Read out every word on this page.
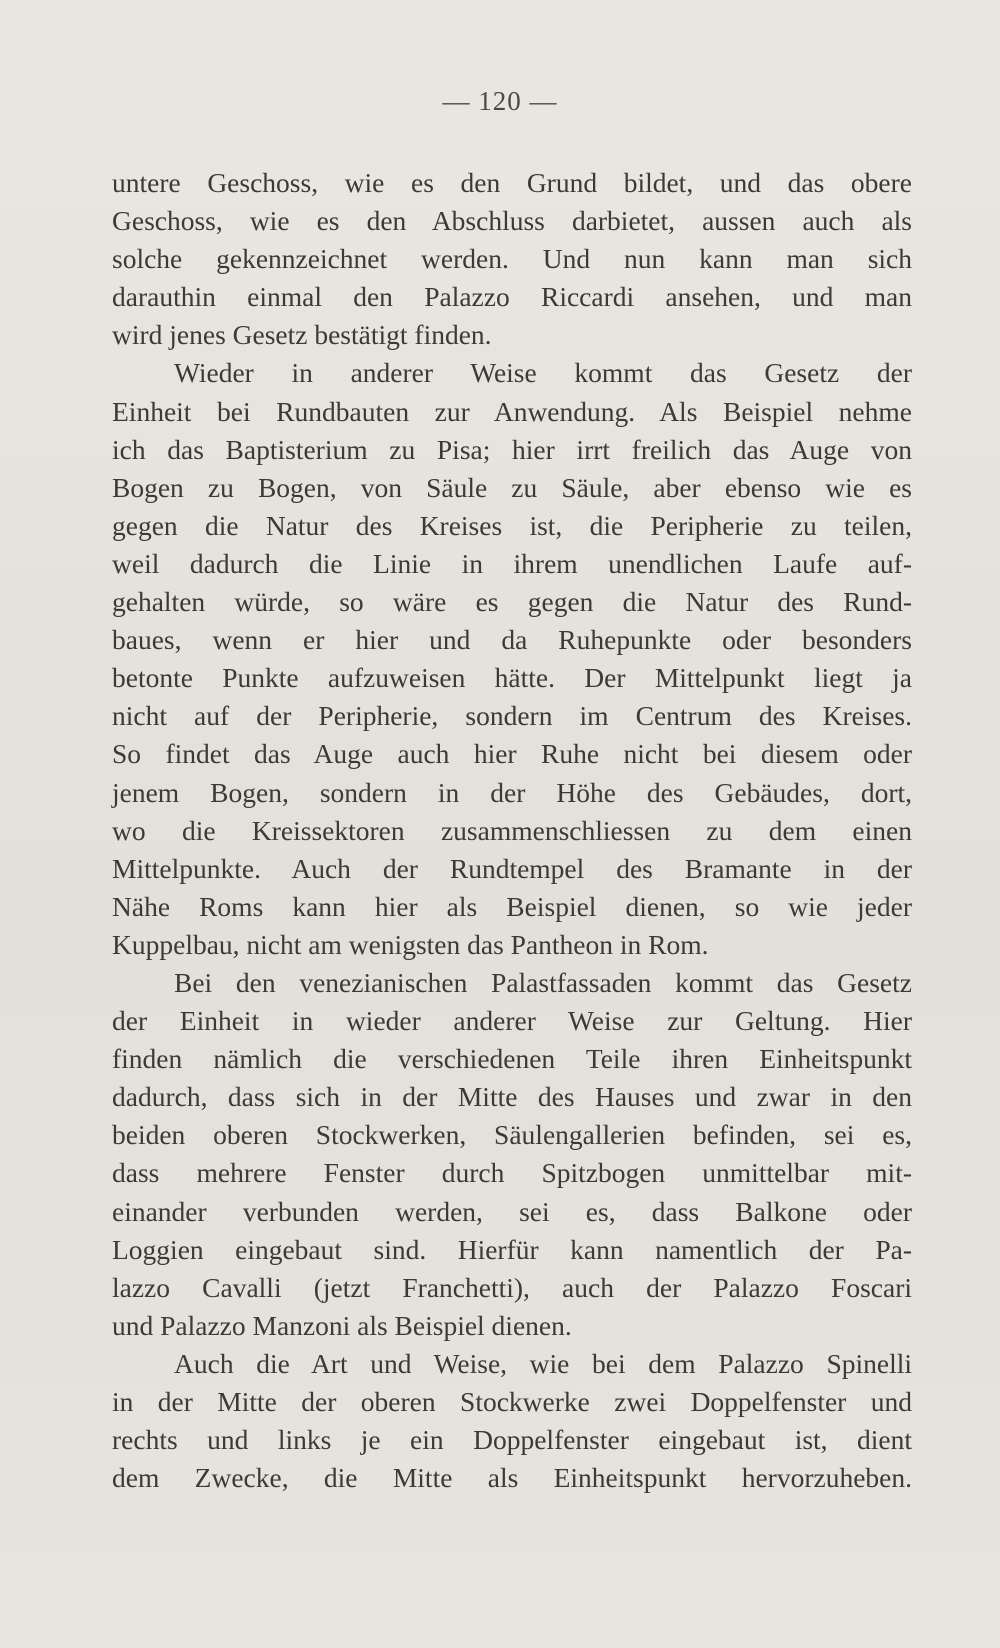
— 120 —
untere Geschoss, wie es den Grund bildet, und das obere
Geschoss, wie es den Abschluss darbietet, aussen auch als
solche gekennzeichnet werden. Und nun kann man sich
darauthin einmal den Palazzo Riccardi ansehen, und man
wird jenes Gesetz bestätigt finden.
Wieder in anderer Weise kommt das Gesetz der
Einheit bei Rundbauten zur Anwendung. Als Beispiel nehme
ich das Baptisterium zu Pisa; hier irrt freilich das Auge von
Bogen zu Bogen, von Säule zu Säule, aber ebenso wie es
gegen die Natur des Kreises ist, die Peripherie zu teilen,
weil dadurch die Linie in ihrem unendlichen Laufe auf-
gehalten würde, so wäre es gegen die Natur des Rund-
baues, wenn er hier und da Ruhepunkte oder besonders
betonte Punkte aufzuweisen hätte. Der Mittelpunkt liegt ja
nicht auf der Peripherie, sondern im Centrum des Kreises.
So findet das Auge auch hier Ruhe nicht bei diesem oder
jenem Bogen, sondern in der Höhe des Gebäudes, dort,
wo die Kreissektoren zusammenschliessen zu dem einen
Mittelpunkte. Auch der Rundtempel des Bramante in der
Nähe Roms kann hier als Beispiel dienen, so wie jeder
Kuppelbau, nicht am wenigsten das Pantheon in Rom.
Bei den venezianischen Palastfassaden kommt das Gesetz
der Einheit in wieder anderer Weise zur Geltung. Hier
finden nämlich die verschiedenen Teile ihren Einheitspunkt
dadurch, dass sich in der Mitte des Hauses und zwar in den
beiden oberen Stockwerken, Säulengallerien befinden, sei es,
dass mehrere Fenster durch Spitzbogen unmittelbar mit-
einander verbunden werden, sei es, dass Balkone oder
Loggien eingebaut sind. Hierfür kann namentlich der Pa-
lazzo Cavalli (jetzt Franchetti), auch der Palazzo Foscari
und Palazzo Manzoni als Beispiel dienen.
Auch die Art und Weise, wie bei dem Palazzo Spinelli
in der Mitte der oberen Stockwerke zwei Doppelfenster und
rechts und links je ein Doppelfenster eingebaut ist, dient
dem Zwecke, die Mitte als Einheitspunkt hervorzuheben.
